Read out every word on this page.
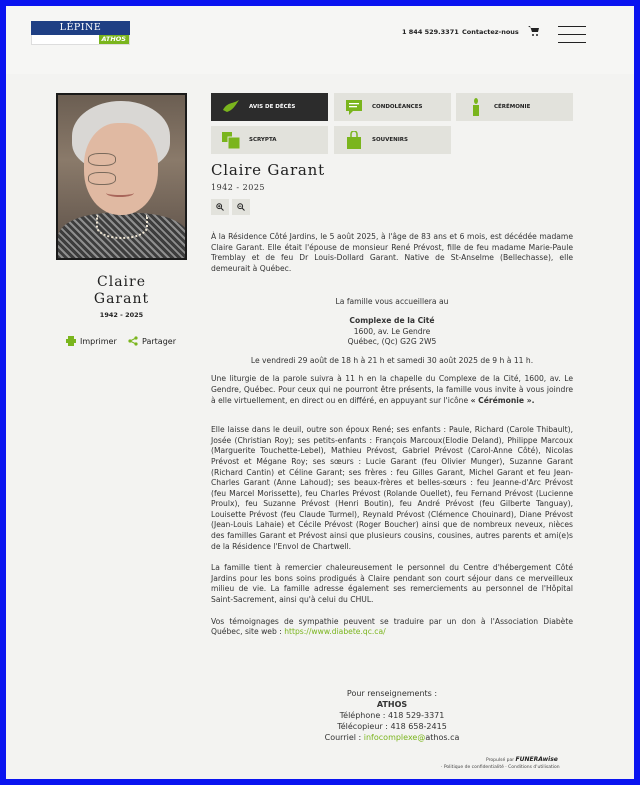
LÉPINE
ATHOS
1 844 529.3371 Contactez-nous
Claire
Garant
1942 - 2025
Imprimer	Partager
AVIS DE DÉCÈS	CONDOLÉANCES	CÉRÉMONIE
SCRYPTA	SOUVENIRS
Claire Garant
1942 - 2025

À la Résidence Côté Jardins, le 5 août 2025, à l'âge de 83 ans et 6 mois, est décédée madame Claire Garant. Elle était l'épouse de monsieur René Prévost, fille de feu madame Marie-Paule Tremblay et de feu Dr Louis-Dollard Garant. Native de St-Anselme (Bellechasse), elle demeurait à Québec.

La famille vous accueillera au

Complexe de la Cité

1600, av. Le Gendre

Québec, (Qc) G2G 2W5

Le vendredi 29 août de 18 h à 21 h et samedi 30 août 2025 de 9 h à 11 h.

Une liturgie de la parole suivra à 11 h en la chapelle du Complexe de la Cité, 1600, av. Le Gendre, Québec. Pour ceux qui ne pourront être présents, la famille vous invite à vous joindre à elle virtuellement, en direct ou en différé, en appuyant sur l'icône « Cérémonie ».

Elle laisse dans le deuil, outre son époux René; ses enfants : Paule, Richard (Carole Thibault), Josée (Christian Roy); ses petits-enfants : François Marcoux(Elodie Deland), Philippe Marcoux (Marguerite Touchette-Lebel), Mathieu Prévost, Gabriel Prévost (Carol-Anne Côté), Nicolas Prévost et Mégane Roy; ses sœurs : Lucie Garant (feu Olivier Munger), Suzanne Garant (Richard Cantin) et Céline Garant; ses frères : feu Gilles Garant, Michel Garant et feu Jean-Charles Garant (Anne Lahoud); ses beaux-frères et belles-sœurs : feu Jeanne-d'Arc Prévost (feu Marcel Morissette), feu Charles Prévost (Rolande Ouellet), feu Fernand Prévost (Lucienne Proulx), feu Suzanne Prévost (Henri Boutin), feu André Prévost (feu Gilberte Tanguay), Louisette Prévost (feu Claude Turmel), Reynald Prévost (Clémence Chouinard), Diane Prévost (Jean-Louis Lahaie) et Cécile Prévost (Roger Boucher) ainsi que de nombreux neveux, nièces des familles Garant et Prévost ainsi que plusieurs cousins, cousines, autres parents et ami(e)s de la Résidence l'Envol de Chartwell.

La famille tient à remercier chaleureusement le personnel du Centre d'hébergement Côté Jardins pour les bons soins prodigués à Claire pendant son court séjour dans ce merveilleux milieu de vie. La famille adresse également ses remerciements au personnel de l'Hôpital Saint-Sacrement, ainsi qu'à celui du CHUL.

Vos témoignages de sympathie peuvent se traduire par un don à l'Association Diabète Québec, site web : https://www.diabete.qc.ca/

Pour renseignements :
ATHOS
Téléphone : 418 529-3371
Télécopieur : 418 658-2415
Courriel : infocomplexe@athos.ca
Propulsé par FUNERAwise
· Politique de confidentialité · Conditions d'utilisation
